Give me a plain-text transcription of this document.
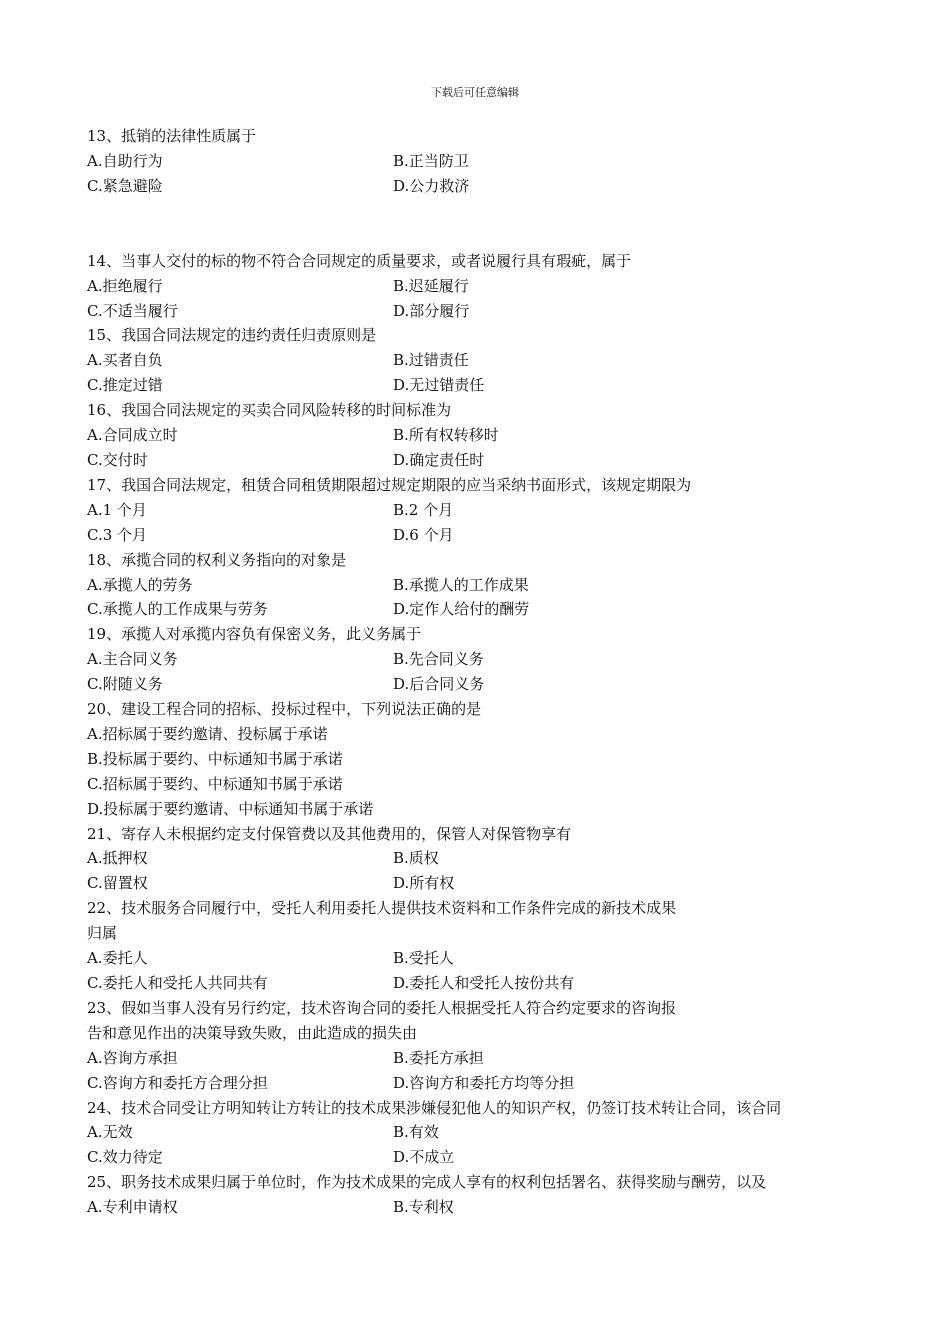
下载后可任意编辑
13、抵销的法律性质属于
A.自助行为	B.正当防卫
C.紧急避险	D.公力救济
14、当事人交付的标的物不符合合同规定的质量要求，或者说履行具有瑕疵，属于
A.拒绝履行	B.迟延履行
C.不适当履行	D.部分履行
15、我国合同法规定的违约责任归责原则是
A.买者自负	B.过错责任
C.推定过错	D.无过错责任
16、我国合同法规定的买卖合同风险转移的时间标准为
A.合同成立时	B.所有权转移时
C.交付时	D.确定责任时
17、我国合同法规定，租赁合同租赁期限超过规定期限的应当采纳书面形式，该规定期限为
A.1 个月	B.2 个月
C.3 个月	D.6 个月
18、承揽合同的权利义务指向的对象是
A.承揽人的劳务	B.承揽人的工作成果
C.承揽人的工作成果与劳务	D.定作人给付的酬劳
19、承揽人对承揽内容负有保密义务，此义务属于
A.主合同义务	B.先合同义务
C.附随义务	D.后合同义务
20、建设工程合同的招标、投标过程中，下列说法正确的是
A.招标属于要约邀请、投标属于承诺
B.投标属于要约、中标通知书属于承诺
C.招标属于要约、中标通知书属于承诺
D.投标属于要约邀请、中标通知书属于承诺
21、寄存人未根据约定支付保管费以及其他费用的，保管人对保管物享有
A.抵押权	B.质权
C.留置权	D.所有权
22、技术服务合同履行中，受托人利用委托人提供技术资料和工作条件完成的新技术成果
归属
A.委托人	B.受托人
C.委托人和受托人共同共有	D.委托人和受托人按份共有
23、假如当事人没有另行约定，技术咨询合同的委托人根据受托人符合约定要求的咨询报
告和意见作出的决策导致失败，由此造成的损失由
A.咨询方承担	B.委托方承担
C.咨询方和委托方合理分担	D.咨询方和委托方均等分担
24、技术合同受让方明知转让方转让的技术成果涉嫌侵犯他人的知识产权，仍签订技术转让合同，该合同
A.无效	B.有效
C.效力待定	D.不成立
25、职务技术成果归属于单位时，作为技术成果的完成人享有的权利包括署名、获得奖励与酬劳，以及
A.专利申请权	B.专利权
